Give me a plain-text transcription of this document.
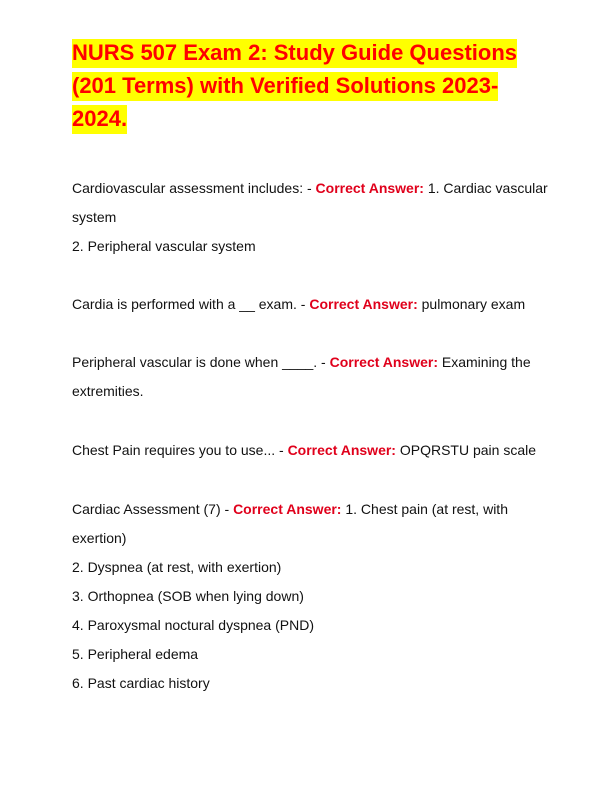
NURS 507 Exam 2: Study Guide Questions (201 Terms) with Verified Solutions 2023-2024.

Cardiovascular assessment includes: - Correct Answer: 1. Cardiac vascular system

2. Peripheral vascular system

Cardia is performed with a __ exam. - Correct Answer: pulmonary exam

Peripheral vascular is done when ____. - Correct Answer: Examining the extremities.

Chest Pain requires you to use... - Correct Answer: OPQRSTU pain scale

Cardiac Assessment (7) - Correct Answer: 1. Chest pain (at rest, with exertion)

2. Dyspnea (at rest, with exertion)

3. Orthopnea (SOB when lying down)

4. Paroxysmal noctural dyspnea (PND)

5. Peripheral edema

6. Past cardiac history
